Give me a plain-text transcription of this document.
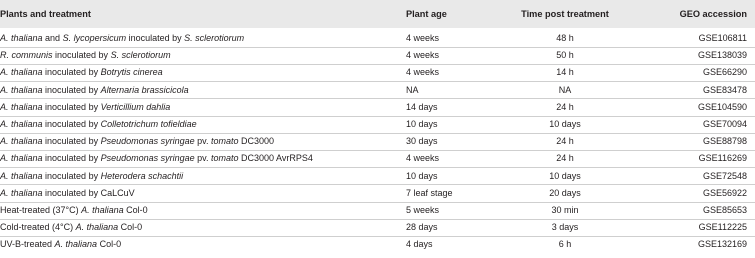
Plants and treatment	Plant age	Time post treatment	GEO accession
A. thaliana and S. lycopersicum inoculated by S. sclerotiorum	4 weeks	48 h	GSE106811
R. communis inoculated by S. sclerotiorum	4 weeks	50 h	GSE138039
A. thaliana inoculated by Botrytis cinerea	4 weeks	14 h	GSE66290
A. thaliana inoculated by Alternaria brassicicola	NA	NA	GSE83478
A. thaliana inoculated by Verticillium dahlia	14 days	24 h	GSE104590
A. thaliana inoculated by Colletotrichum tofieldiae	10 days	10 days	GSE70094
A. thaliana inoculated by Pseudomonas syringae pv. tomato DC3000	30 days	24 h	GSE88798
A. thaliana inoculated by Pseudomonas syringae pv. tomato DC3000 AvrRPS4	4 weeks	24 h	GSE116269
A. thaliana inoculated by Heterodera schachtii	10 days	10 days	GSE72548
A. thaliana inoculated by CaLCuV	7 leaf stage	20 days	GSE56922
Heat-treated (37°C) A. thaliana Col-0	5 weeks	30 min	GSE85653
Cold-treated (4°C) A. thaliana Col-0	28 days	3 days	GSE112225
UV-B-treated A. thaliana Col-0	4 days	6 h	GSE132169
